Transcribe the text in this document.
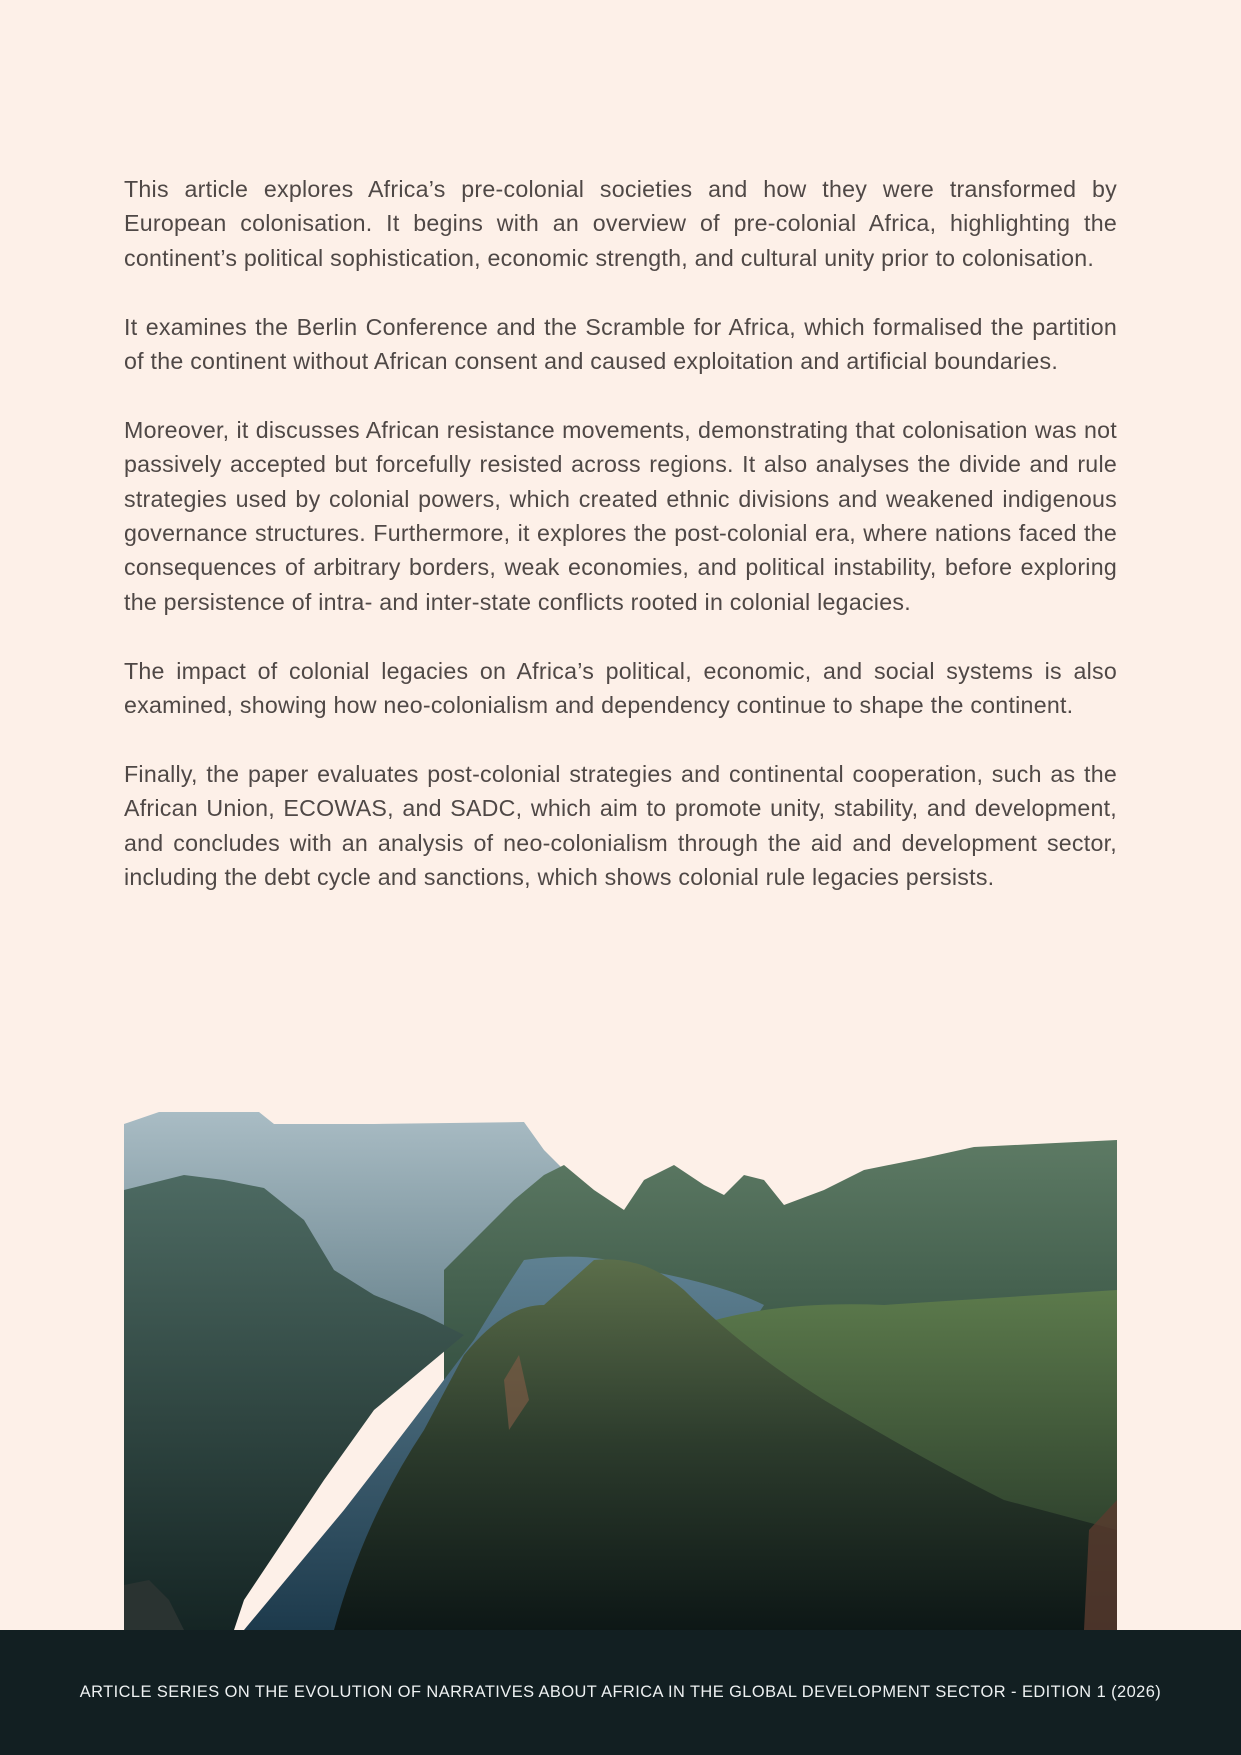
This article explores Africa’s pre-colonial societies and how they were transformed by European colonisation. It begins with an overview of pre-colonial Africa, highlighting the continent’s political sophistication, economic strength, and cultural unity prior to colonisation.

It examines the Berlin Conference and the Scramble for Africa, which formalised the partition of the continent without African consent and caused exploitation and artificial boundaries.

Moreover, it discusses African resistance movements, demonstrating that colonisation was not passively accepted but forcefully resisted across regions. It also analyses the divide and rule strategies used by colonial powers, which created ethnic divisions and weakened indigenous governance structures. Furthermore, it explores the post-colonial era, where nations faced the consequences of arbitrary borders, weak economies, and political instability, before exploring the persistence of intra- and inter-state conflicts rooted in colonial legacies.

The impact of colonial legacies on Africa’s political, economic, and social systems is also examined, showing how neo-colonialism and dependency continue to shape the continent.

Finally, the paper evaluates post-colonial strategies and continental cooperation, such as the African Union, ECOWAS, and SADC, which aim to promote unity, stability, and development, and concludes with an analysis of neo-colonialism through the aid and development sector, including the debt cycle and sanctions, which shows colonial rule legacies persists.

ARTICLE SERIES ON THE EVOLUTION OF NARRATIVES ABOUT AFRICA IN THE GLOBAL DEVELOPMENT SECTOR - EDITION 1 (2026)
